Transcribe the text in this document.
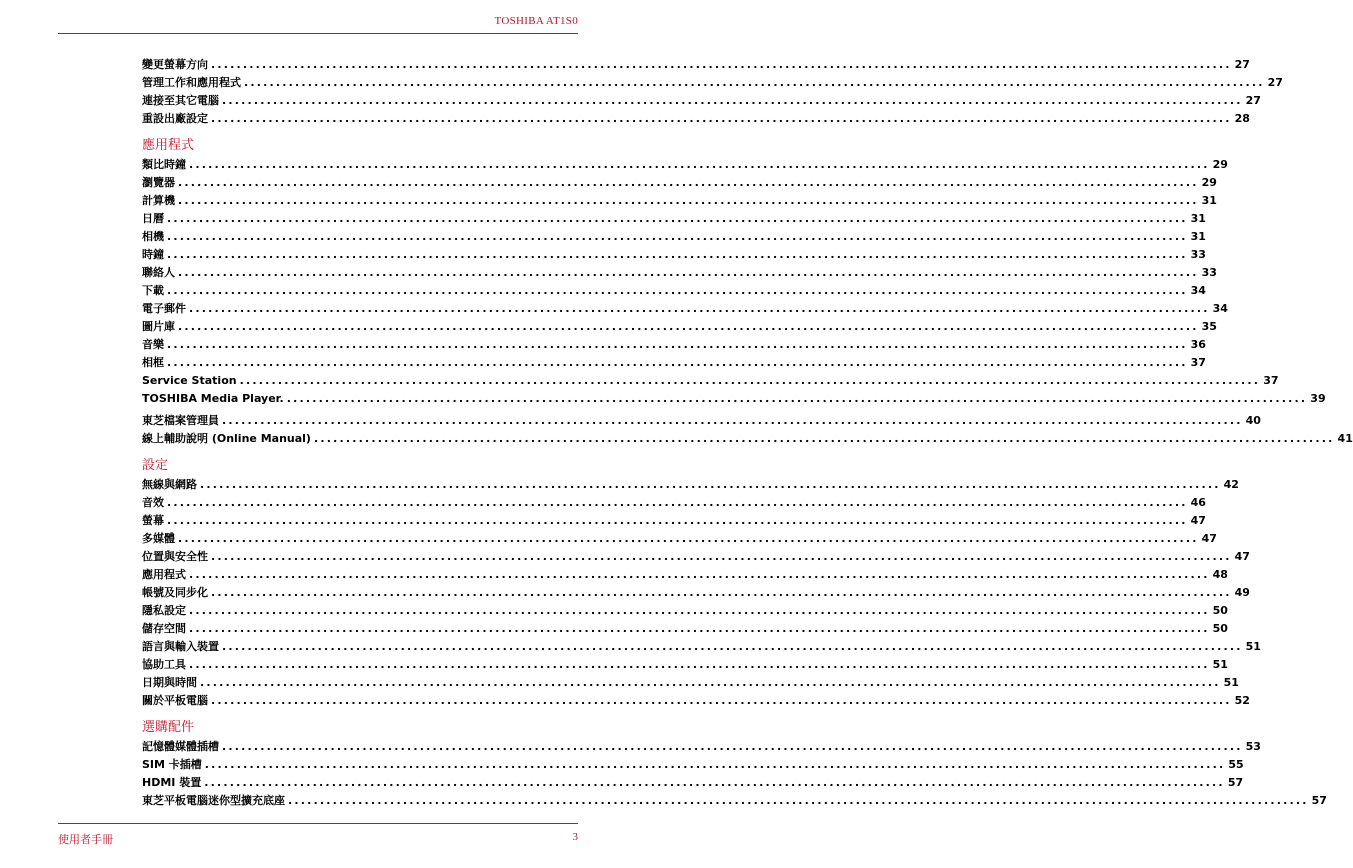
TOSHIBA AT1S0
變更螢幕方向 ................................................................................................................................................................ 27
管理工作和應用程式 ................................................................................................................................................................ 27
連接至其它電腦 ................................................................................................................................................................ 27
重設出廠設定 ................................................................................................................................................................ 28
應用程式
類比時鐘 ................................................................................................................................................................ 29
瀏覽器 ................................................................................................................................................................ 29
計算機 ................................................................................................................................................................ 31
日曆 ................................................................................................................................................................ 31
相機 ................................................................................................................................................................ 31
時鐘 ................................................................................................................................................................ 33
聯絡人 ................................................................................................................................................................ 33
下載 ................................................................................................................................................................ 34
電子郵件 ................................................................................................................................................................ 34
圖片庫 ................................................................................................................................................................ 35
音樂 ................................................................................................................................................................ 36
相框 ................................................................................................................................................................ 37
Service Station ................................................................................................................................................................ 37
TOSHIBA Media Player. ................................................................................................................................................................ 39
東芝檔案管理員 ................................................................................................................................................................ 40
線上輔助說明 (Online Manual) ................................................................................................................................................................ 41
設定
無線與網路 ................................................................................................................................................................ 42
音效 ................................................................................................................................................................ 46
螢幕 ................................................................................................................................................................ 47
多媒體 ................................................................................................................................................................ 47
位置與安全性 ................................................................................................................................................................ 47
應用程式 ................................................................................................................................................................ 48
帳號及同步化 ................................................................................................................................................................ 49
隱私設定 ................................................................................................................................................................ 50
儲存空間 ................................................................................................................................................................ 50
語言與輸入裝置 ................................................................................................................................................................ 51
協助工具 ................................................................................................................................................................ 51
日期與時間 ................................................................................................................................................................ 51
關於平板電腦 ................................................................................................................................................................ 52
選購配件
記憶體媒體插槽 ................................................................................................................................................................ 53
SIM 卡插槽 ................................................................................................................................................................ 55
HDMI 裝置 ................................................................................................................................................................ 57
東芝平板電腦迷你型擴充底座 ................................................................................................................................................................ 57
使用者手冊	3
